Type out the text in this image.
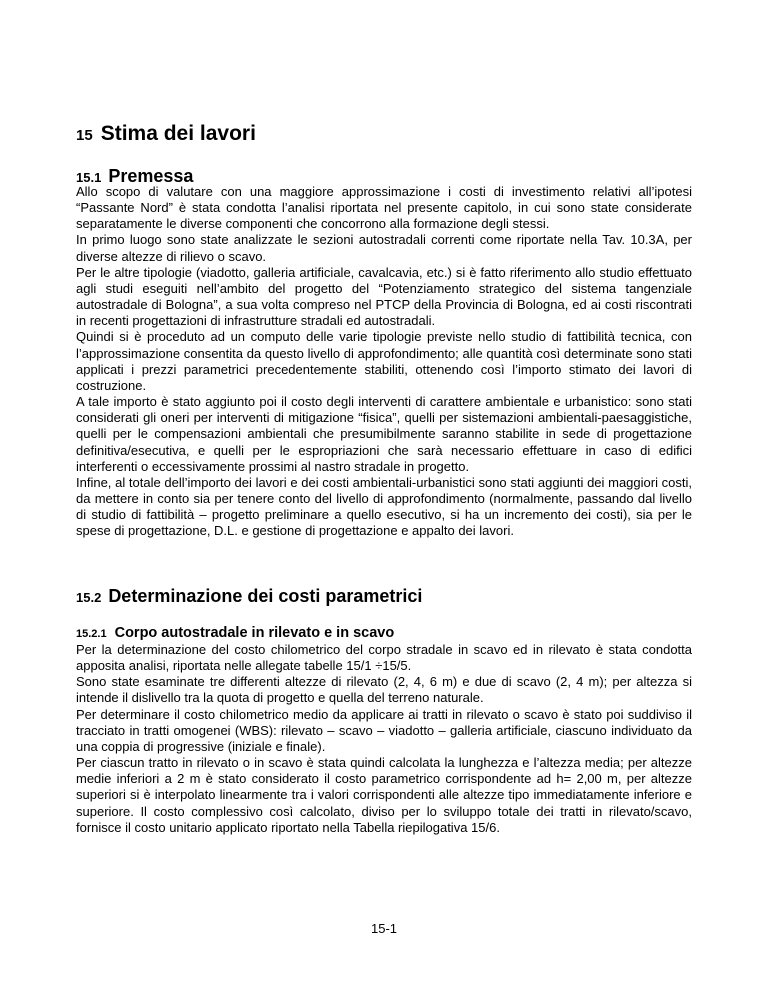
15 Stima dei lavori
15.1 Premessa

Allo scopo di valutare con una maggiore approssimazione i costi di investimento relativi all’ipotesi “Passante Nord” è stata condotta l’analisi riportata nel presente capitolo, in cui sono state considerate separatamente le diverse componenti che concorrono alla formazione degli stessi.

In primo luogo sono state analizzate le sezioni autostradali correnti come riportate nella Tav. 10.3A, per diverse altezze di rilievo o scavo.

Per le altre tipologie (viadotto, galleria artificiale, cavalcavia, etc.) si è fatto riferimento allo studio effettuato agli studi eseguiti nell’ambito del progetto del “Potenziamento strategico del sistema tangenziale autostradale di Bologna”, a sua volta compreso nel PTCP della Provincia di Bologna, ed ai costi riscontrati in recenti progettazioni di infrastrutture stradali ed autostradali.

Quindi si è proceduto ad un computo delle varie tipologie previste nello studio di fattibilità tecnica, con l’approssimazione consentita da questo livello di approfondimento; alle quantità così determinate sono stati applicati i prezzi parametrici precedentemente stabiliti, ottenendo così l’importo stimato dei lavori di costruzione.

A tale importo è stato aggiunto poi il costo degli interventi di carattere ambientale e urbanistico: sono stati considerati gli oneri per interventi di mitigazione “fisica”, quelli per sistemazioni ambientali-paesaggistiche, quelli per le compensazioni ambientali che presumibilmente saranno stabilite in sede di progettazione definitiva/esecutiva, e quelli per le espropriazioni che sarà necessario effettuare in caso di edifici interferenti o eccessivamente prossimi al nastro stradale in progetto.

Infine, al totale dell’importo dei lavori e dei costi ambientali-urbanistici sono stati aggiunti dei maggiori costi, da mettere in conto sia per tenere conto del livello di approfondimento (normalmente, passando dal livello di studio di fattibilità – progetto preliminare a quello esecutivo, si ha un incremento dei costi), sia per le spese di progettazione, D.L. e gestione di progettazione e appalto dei lavori.

15.2 Determinazione dei costi parametrici
15.2.1 Corpo autostradale in rilevato e in scavo

Per la determinazione del costo chilometrico del corpo stradale in scavo ed in rilevato è stata condotta apposita analisi, riportata nelle allegate tabelle 15/1 ÷15/5.

Sono state esaminate tre differenti altezze di rilevato (2, 4, 6 m) e due di scavo (2, 4 m); per altezza si intende il dislivello tra la quota di progetto e quella del terreno naturale.

Per determinare il costo chilometrico medio da applicare ai tratti in rilevato o scavo è stato poi suddiviso il tracciato in tratti omogenei (WBS): rilevato – scavo – viadotto – galleria artificiale, ciascuno individuato da una coppia di progressive (iniziale e finale).

Per ciascun tratto in rilevato o in scavo è stata quindi calcolata la lunghezza e l’altezza media; per altezze medie inferiori a 2 m è stato considerato il costo parametrico corrispondente ad h= 2,00 m, per altezze superiori si è interpolato linearmente tra i valori corrispondenti alle altezze tipo immediatamente inferiore e superiore. Il costo complessivo così calcolato, diviso per lo sviluppo totale dei tratti in rilevato/scavo, fornisce il costo unitario applicato riportato nella Tabella riepilogativa 15/6.

15-1
